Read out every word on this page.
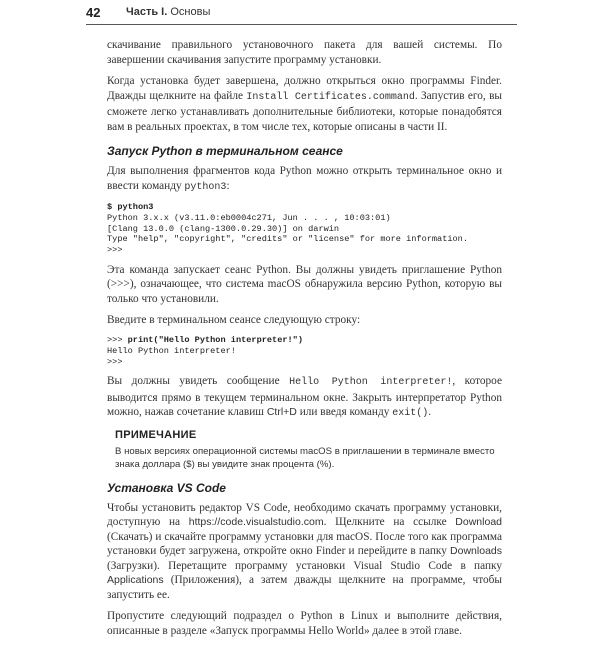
42	Часть I. Основы

скачивание правильного установочного пакета для вашей системы. По завершении скачивания запустите программу установки.

Когда установка будет завершена, должно открыться окно программы Finder. Дважды щелкните на файле Install Certificates.command. Запустив его, вы сможете легко устанавливать дополнительные библиотеки, которые понадобятся вам в реальных проектах, в том числе тех, которые описаны в части II.

Запуск Python в терминальном сеансе

Для выполнения фрагментов кода Python можно открыть терминальное окно и ввести команду python3:

$ python3
Python 3.x.x (v3.11.0:eb0004c271, Jun . . . , 10:03:01)
[Clang 13.0.0 (clang-1300.0.29.30)] on darwin
Type "help", "copyright", "credits" or "license" for more information.
>>>

Эта команда запускает сеанс Python. Вы должны увидеть приглашение Python (>>>), означающее, что система macOS обнаружила версию Python, которую вы только что установили.

Введите в терминальном сеансе следующую строку:

>>> print("Hello Python interpreter!")
Hello Python interpreter!
>>>

Вы должны увидеть сообщение Hello Python interpreter!, которое выводится прямо в текущем терминальном окне. Закрыть интерпретатор Python можно, нажав сочетание клавиш Ctrl+D или введя команду exit().

ПРИМЕЧАНИЕ
В новых версиях операционной системы macOS в приглашении в терминале вместо знака доллара ($) вы увидите знак процента (%).
Установка VS Code

Чтобы установить редактор VS Code, необходимо скачать программу установки, доступную на https://code.visualstudio.com. Щелкните на ссылке Download (Скачать) и скачайте программу установки для macOS. После того как программа установки будет загружена, откройте окно Finder и перейдите в папку Downloads (Загрузки). Перетащите программу установки Visual Studio Code в папку Applications (Приложения), а затем дважды щелкните на программе, чтобы запустить ее.

Пропустите следующий подраздел о Python в Linux и выполните действия, описанные в разделе «Запуск программы Hello World» далее в этой главе.
